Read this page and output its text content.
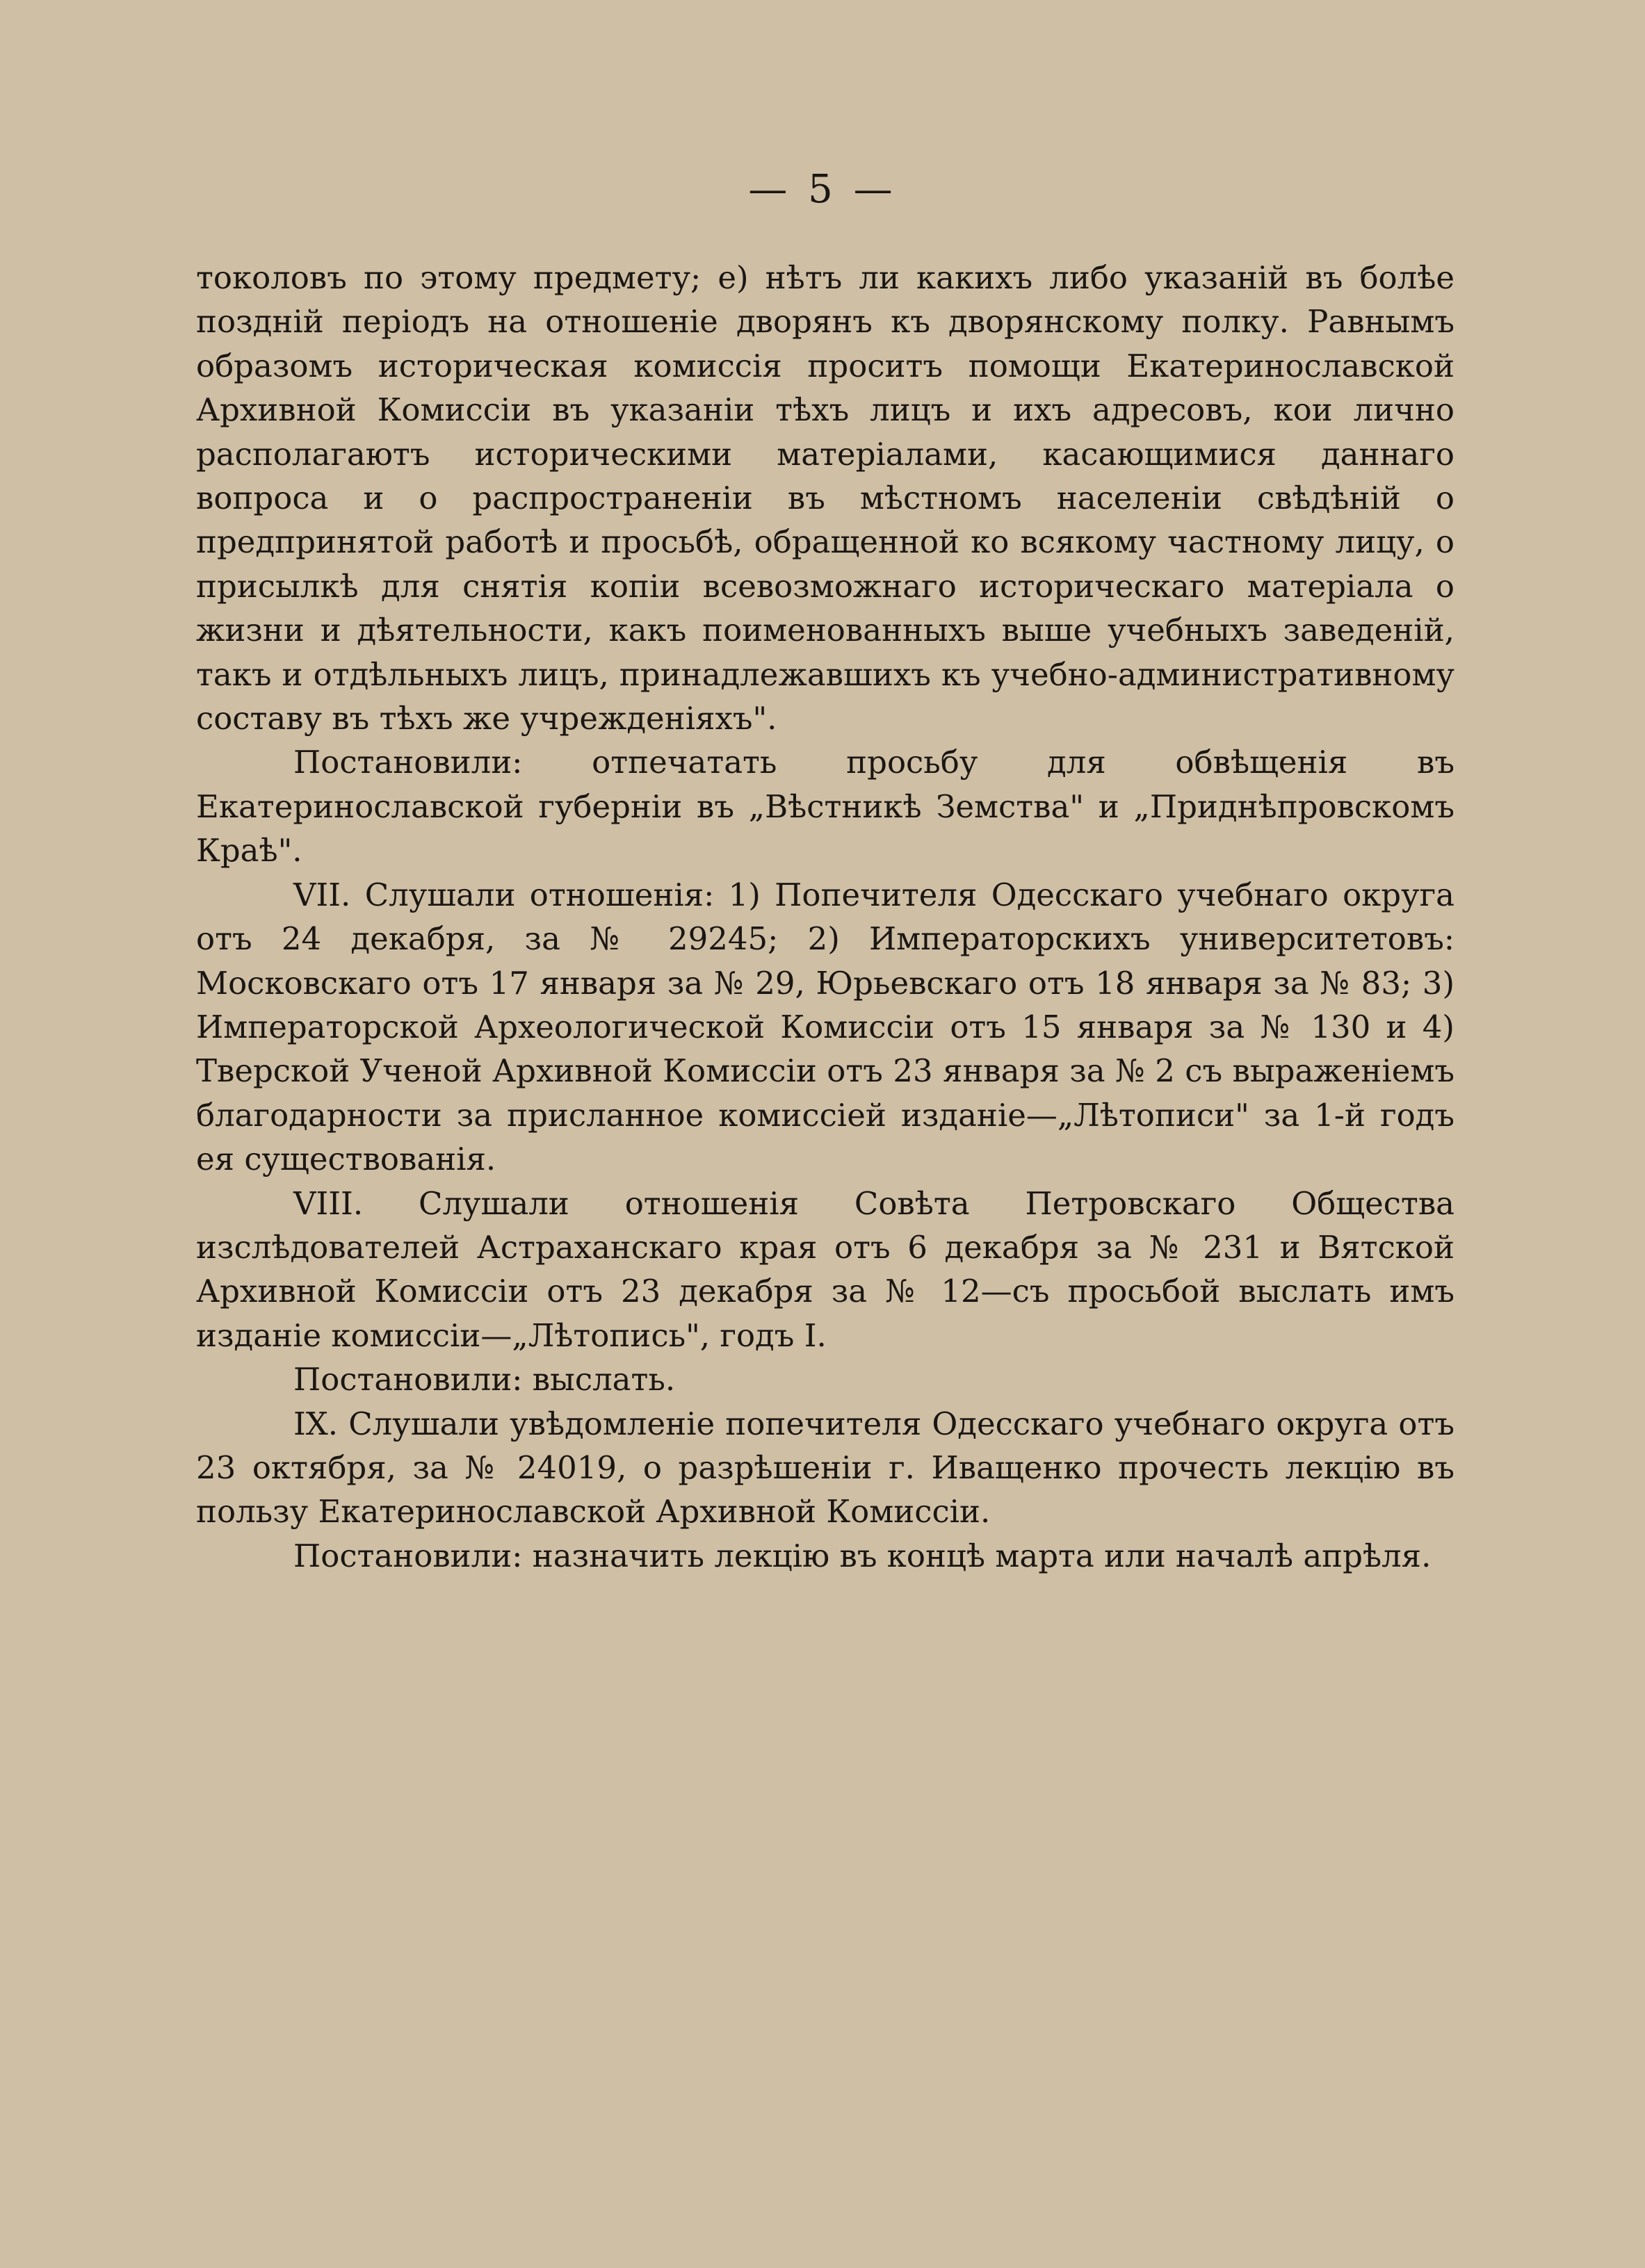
— 5 —

токоловъ по этому предмету; е) нѣтъ ли какихъ либо указаній въ болѣе поздній періодъ на отношеніе дворянъ къ дворянскому полку. Равнымъ образомъ историческая комиссія проситъ помощи Екатеринославской Архивной Комиссіи въ указаніи тѣхъ лицъ и ихъ адресовъ, кои лично располагаютъ историческими матеріалами, касающимися даннаго вопроса и о распространеніи въ мѣстномъ населеніи свѣдѣній о предпринятой работѣ и просьбѣ, обращенной ко всякому частному лицу, о присылкѣ для снятія копіи всевозможнаго историческаго матеріала о жизни и дѣятельности, какъ поименованныхъ выше учебныхъ заведеній, такъ и отдѣльныхъ лицъ, принадлежавшихъ къ учебно-административному составу въ тѣхъ же учрежденіяхъ".

Постановили: отпечатать просьбу для обвѣщенія въ Екатеринославской губерніи въ „Вѣстникѣ Земства" и „Приднѣпровскомъ Краѣ".

VII. Слушали отношенія: 1) Попечителя Одесскаго учебнаго округа отъ 24 декабря, за № 29245; 2) Императорскихъ университетовъ: Московскаго отъ 17 января за № 29, Юрьевскаго отъ 18 января за № 83; 3) Императорской Археологической Комиссіи отъ 15 января за № 130 и 4) Тверской Ученой Архивной Комиссіи отъ 23 января за № 2 съ выраженіемъ благодарности за присланное комиссіей изданіе—„Лѣтописи" за 1-й годъ ея существованія.

VIII. Слушали отношенія Совѣта Петровскаго Общества изслѣдователей Астраханскаго края отъ 6 декабря за № 231 и Вятской Архивной Комиссіи отъ 23 декабря за № 12—съ просьбой выслать имъ изданіе комиссіи—„Лѣтопись", годъ I.

Постановили: выслать.

IX. Слушали увѣдомленіе попечителя Одесскаго учебнаго округа отъ 23 октября, за № 24019, о разрѣшеніи г. Иващенко прочесть лекцію въ пользу Екатеринославской Архивной Комиссіи.

Постановили: назначить лекцію въ концѣ марта или началѣ апрѣля.
